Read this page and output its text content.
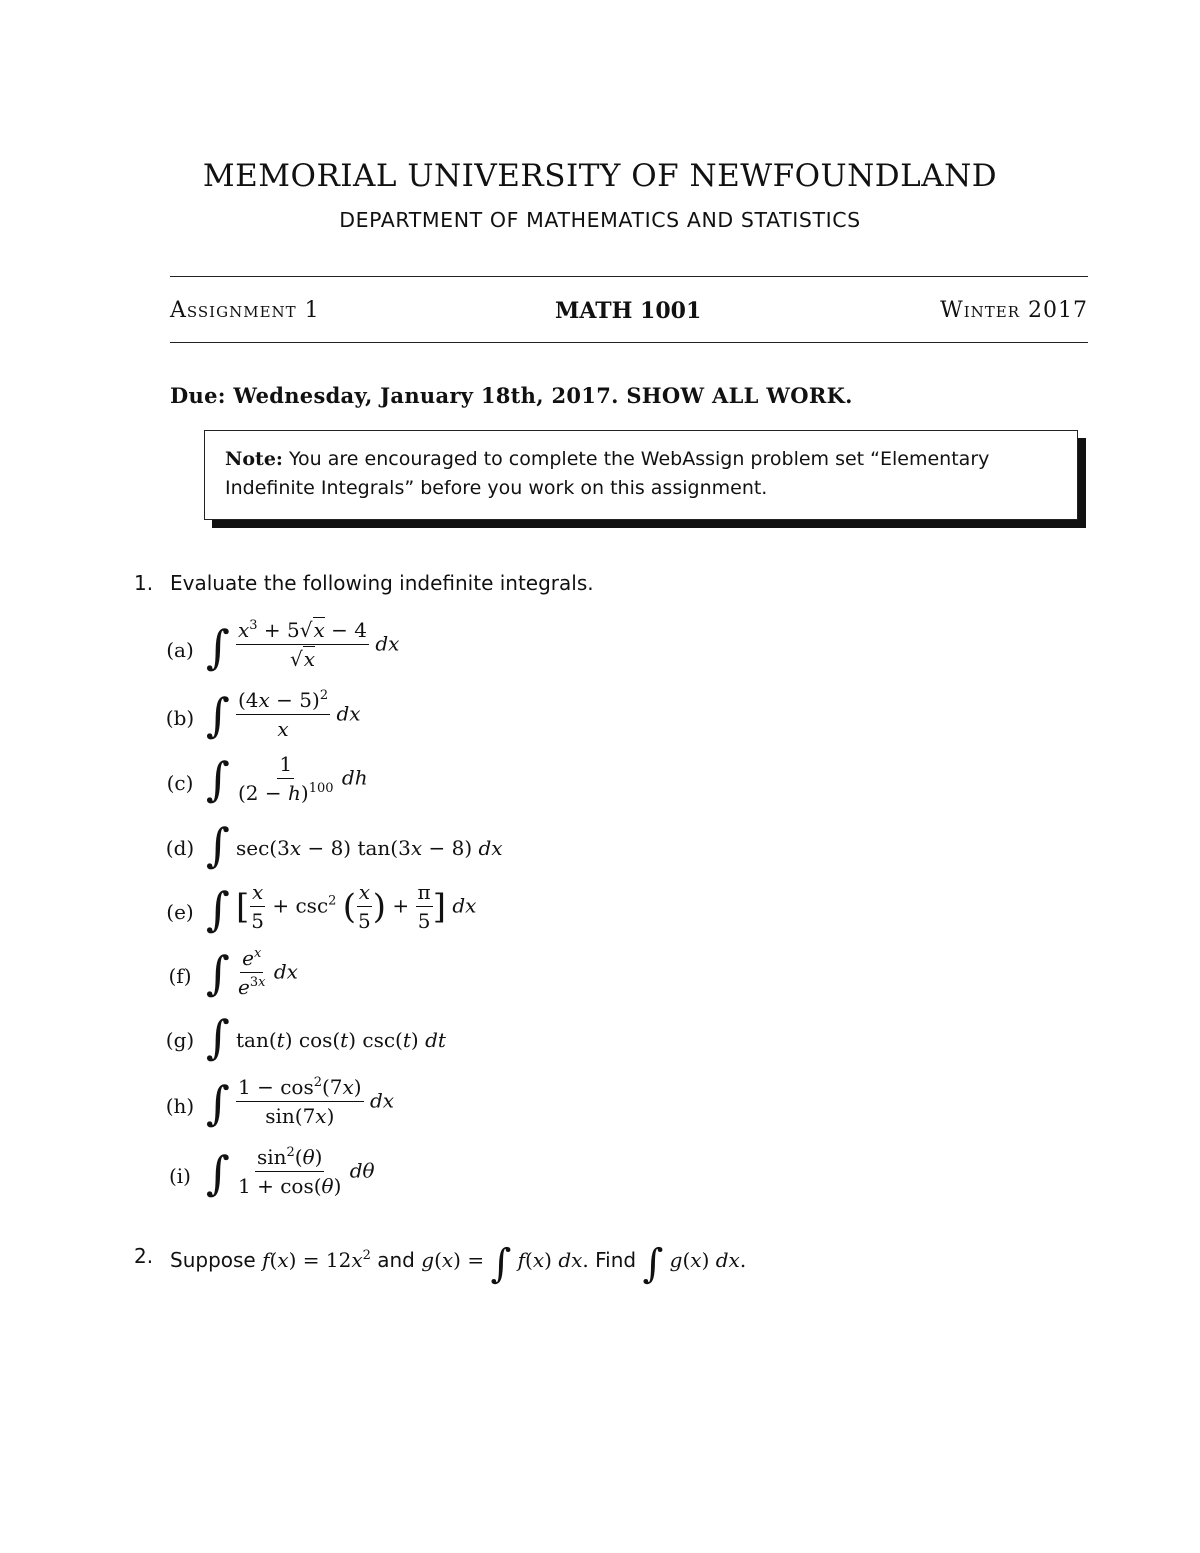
MEMORIAL UNIVERSITY OF NEWFOUNDLAND
DEPARTMENT OF MATHEMATICS AND STATISTICS
Assignment 1	MATH 1001	Winter 2017
Due: Wednesday, January 18th, 2017. SHOW ALL WORK.
Note: You are encouraged to complete the WebAssign problem set “Elementary Indefinite Integrals” before you work on this assignment.
1. Evaluate the following indefinite integrals.
(a) ∫ $\frac{x^3 + 5√x - 4}{√x}$ dx
(b) ∫ $\frac{(4x - 5)^2}{x}$ dx
(c) ∫ $\frac{1}{(2 - h)^{100}}$ dh
(d) ∫ sec(3x − 8) tan(3x − 8) dx
(e) ∫ [ $\frac{x}{5} + \csc^2$ ( $\frac{x}{5}$ ) + $\frac{\pi}{5}$ ] dx
(f) ∫ $\frac{e^x}{e^{3x}}$ dx
(g) ∫ tan(t) cos(t) csc(t) dt
(h) ∫ $\frac{1 - \cos^2(7x)}{\sin(7x)}$ dx
(i) ∫ $\frac{\sin^2(\theta)}{1 + \cos(\theta)}$ dθ
2. Suppose $f(x) = 12x^2$ and g(x) = ∫ f(x) dx. Find ∫ g(x) dx.
